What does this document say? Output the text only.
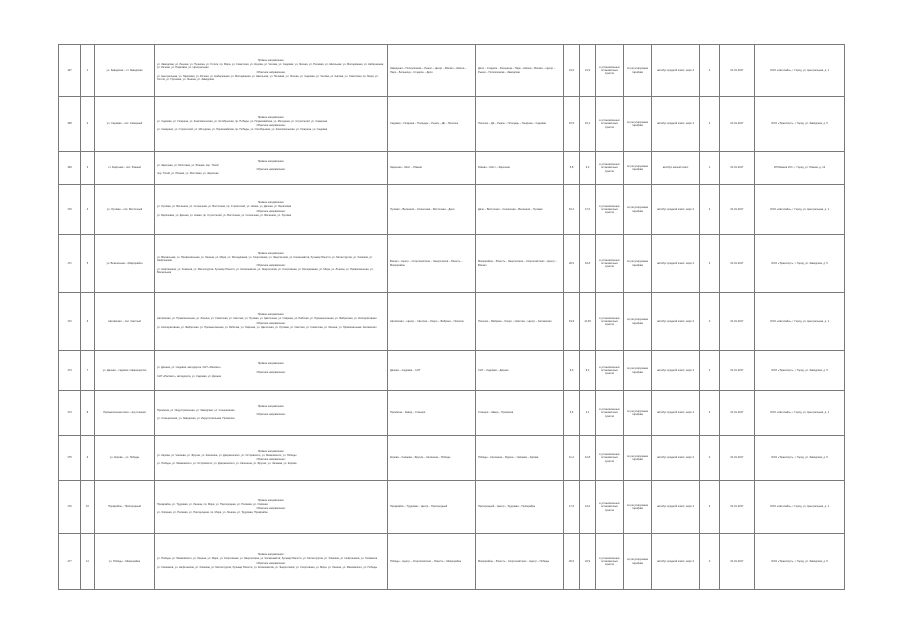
167	1	ул. Заводская – ст. Заводская	Прямое направление:
ул. Заводская, ул. Ленина, ул. Пушкина, ул. Гоголя, пр. Мира, ул. Советская, ул. Кирова, ул. Чехова, ул. Садовая, ул. Лесная, ул. Полевая, ул. Школьная, ул. Молодёжная, ул. Набережная, ул. Речная, ул. Парковая, ул. Центральная
Обратное направление:
ул. Центральная, ул. Парковая, ул. Речная, ул. Набережная, ул. Молодёжная, ул. Школьная, ул. Полевая, ул. Лесная, ул. Садовая, ул. Чехова, ул. Кирова, ул. Советская, пр. Мира, ул. Гоголя, ул. Пушкина, ул. Ленина, ул. Заводская	Заводская – Поликлиника – Рынок – Центр – Вокзал – Школа – Парк – Больница – Стадион – Депо	Депо – Стадион – Больница – Парк – Школа – Вокзал – Центр – Рынок – Поликлиника – Заводская	21,6	21,9	в установленных остановочных пунктах	по регулируемым тарифам	автобус средний класс, евро 4	4	01.01.2017	ООО «Автолайн», г. Город, ул. Центральная, д. 1
168	2	ул. Садовая – пос. Северный	Прямое направление:
ул. Садовая, ул. Гагарина, ул. Комсомольская, ул. Октябрьская, пр. Победы, ул. Первомайская, ул. Мичурина, ул. Строителей, ул. Северная
Обратное направление:
ул. Северная, ул. Строителей, ул. Мичурина, ул. Первомайская, пр. Победы, ул. Октябрьская, ул. Комсомольская, ул. Гагарина, ул. Садовая	Садовая – Гагарина – Площадь – Рынок – ДК – Поселок	Поселок – ДК – Рынок – Площадь – Гагарина – Садовая	15,5	15,4	в установленных остановочных пунктах	по регулируемым тарифам	автобус средний класс, евро 4	3	01.01.2017	ООО «Транспорт», г. Город, ул. Заводская, д. 5
169	3	ст. Заречная – пос. Южный	Прямое направление:
ул. Заречная, ул. Мостовая, ул. Южная, пер. Тихий
Обратное направление:
пер. Тихий, ул. Южная, ул. Мостовая, ул. Заречная	Заречная – Мост – Южная	Южная – Мост – Заречная	5,8	6,2	в установленных остановочных пунктах	по регулируемым тарифам	автобус малый класс	1	01.01.2017	ИП Иванов И.И., г. Город, ул. Южная, д. 12
170	4	ул. Луговая – пос. Восточный	Прямое направление:
ул. Луговая, ул. Весенняя, ул. Солнечная, ул. Восточная, пр. Строителей, ул. Новая, ул. Дачная, ул. Берёзовая
Обратное направление:
ул. Берёзовая, ул. Дачная, ул. Новая, пр. Строителей, ул. Восточная, ул. Солнечная, ул. Весенняя, ул. Луговая	Луговая – Весенняя – Солнечная – Восточная – Дачи	Дачи – Восточная – Солнечная – Весенняя – Луговая	16,2	17,0	в установленных остановочных пунктах	по регулируемым тарифам	автобус средний класс, евро 4	3	01.01.2017	ООО «Автолайн», г. Город, ул. Центральная, д. 1
171	5	ул. Вокзальная – Микрорайон	Прямое направление:
ул. Вокзальная, ул. Привокзальная, ул. Ленина, ул. Мира, ул. Молодёжная, ул. Спортивная, ул. Энергетиков, ул. Космонавтов, бульвар Юности, ул. Металлургов, ул. Химиков, ул. Нефтяников
Обратное направление:
ул. Нефтяников, ул. Химиков, ул. Металлургов, бульвар Юности, ул. Космонавтов, ул. Энергетиков, ул. Спортивная, ул. Молодёжная, ул. Мира, ул. Ленина, ул. Привокзальная, ул. Вокзальная	Вокзал – Центр – Спорткомплекс – Энергетиков – Юность – Микрорайон	Микрорайон – Юность – Энергетиков – Спорткомплекс – Центр – Вокзал	20,0	19,8	в установленных остановочных пунктах	по регулируемым тарифам	автобус средний класс, евро 4	3	01.01.2017	ООО «Транспорт», г. Город, ул. Заводская, д. 5
172	6	Автовокзал – пос. Светлый	Прямое направление:
Автовокзал, ул. Привокзальная, ул. Ленина, ул. Советская, ул. Светлая, ул. Луговая, ул. Цветочная, ул. Озёрная, ул. Рабочая, ул. Промышленная, ул. Фабричная, ул. Кооперативная
Обратное направление:
ул. Кооперативная, ул. Фабричная, ул. Промышленная, ул. Рабочая, ул. Озёрная, ул. Цветочная, ул. Луговая, ул. Светлая, ул. Советская, ул. Ленина, ул. Привокзальная, Автовокзал	Автовокзал – Центр – Светлая – Озеро – Фабрика – Поселок	Поселок – Фабрика – Озеро – Светлая – Центр – Автовокзал	19,9	11,39	в установленных остановочных пунктах	по регулируемым тарифам	автобус средний класс, евро 4	4	01.01.2017	ООО «Автолайн», г. Город, ул. Центральная, д. 1
173	7	ул. Дачная – садовое товарищество	Прямое направление:
ул. Дачная, ул. Садовая, автодорога, СНТ «Рассвет»
Обратное направление:
СНТ «Рассвет», автодорога, ул. Садовая, ул. Дачная	Дачная – Садовая – СНТ	СНТ – Садовая – Дачная	9,0	9,2	в установленных остановочных пунктах	по регулируемым тарифам	автобус средний класс, евро 4	2	01.01.2017	ООО «Транспорт», г. Город, ул. Заводская, д. 5
174	8	Промышленная зона – ж/д станция	Прямое направление:
Промзона, ул. Индустриальная, ул. Заводская, ул. Станционная
Обратное направление:
ул. Станционная, ул. Заводская, ул. Индустриальная, Промзона	Промзона – Завод – Станция	Станция – Завод – Промзона	3,5	4,1	в установленных остановочных пунктах	по регулируемым тарифам	автобус средний класс, евро 4	3	01.01.2017	ООО «Автолайн», г. Город, ул. Центральная, д. 1
175	9	ул. Кирова – ул. Победы	Прямое направление:
ул. Кирова, ул. Чапаева, ул. Фрунзе, ул. Калинина, ул. Дзержинского, ул. Островского, ул. Маяковского, ул. Победы
Обратное направление:
ул. Победы, ул. Маяковского, ул. Островского, ул. Дзержинского, ул. Калинина, ул. Фрунзе, ул. Чапаева, ул. Кирова	Кирова – Чапаева – Фрунзе – Калинина – Победы	Победы – Калинина – Фрунзе – Чапаева – Кирова	11,2	12,8	в установленных остановочных пунктах	по регулируемым тарифам	автобус средний класс, евро 4	2	01.01.2017	ООО «Транспорт», г. Город, ул. Заводская, д. 5
176	10	Промрайон – Пригородный	Прямое направление:
Промрайон, ул. Трудовая, ул. Ленина, пр. Мира, ул. Пригородная, ул. Полевая, ул. Озёрная
Обратное направление:
ул. Озёрная, ул. Полевая, ул. Пригородная, пр. Мира, ул. Ленина, ул. Трудовая, Промрайон	Промрайон – Трудовая – Центр – Пригородный	Пригородный – Центр – Трудовая – Промрайон	17,5	14,0	в установленных остановочных пунктах	по регулируемым тарифам	автобус средний класс, евро 4	3	01.01.2017	ООО «Автолайн», г. Город, ул. Центральная, д. 1
177	11	ул. Победы – Микрорайон	Прямое направление:
ул. Победы, ул. Маяковского, ул. Ленина, ул. Мира, ул. Спортивная, ул. Энергетиков, ул. Космонавтов, бульвар Юности, ул. Металлургов, ул. Химиков, ул. Нефтяников, ул. Газовиков
Обратное направление:
ул. Газовиков, ул. Нефтяников, ул. Химиков, ул. Металлургов, бульвар Юности, ул. Космонавтов, ул. Энергетиков, ул. Спортивная, ул. Мира, ул. Ленина, ул. Маяковского, ул. Победы	Победы – Центр – Спорткомплекс – Юность – Микрорайон	Микрорайон – Юность – Спорткомплекс – Центр – Победы	20,0	24,9	в установленных остановочных пунктах	по регулируемым тарифам	автобус средний класс, евро 4	4	01.01.2017	ООО «Транспорт», г. Город, ул. Заводская, д. 5
